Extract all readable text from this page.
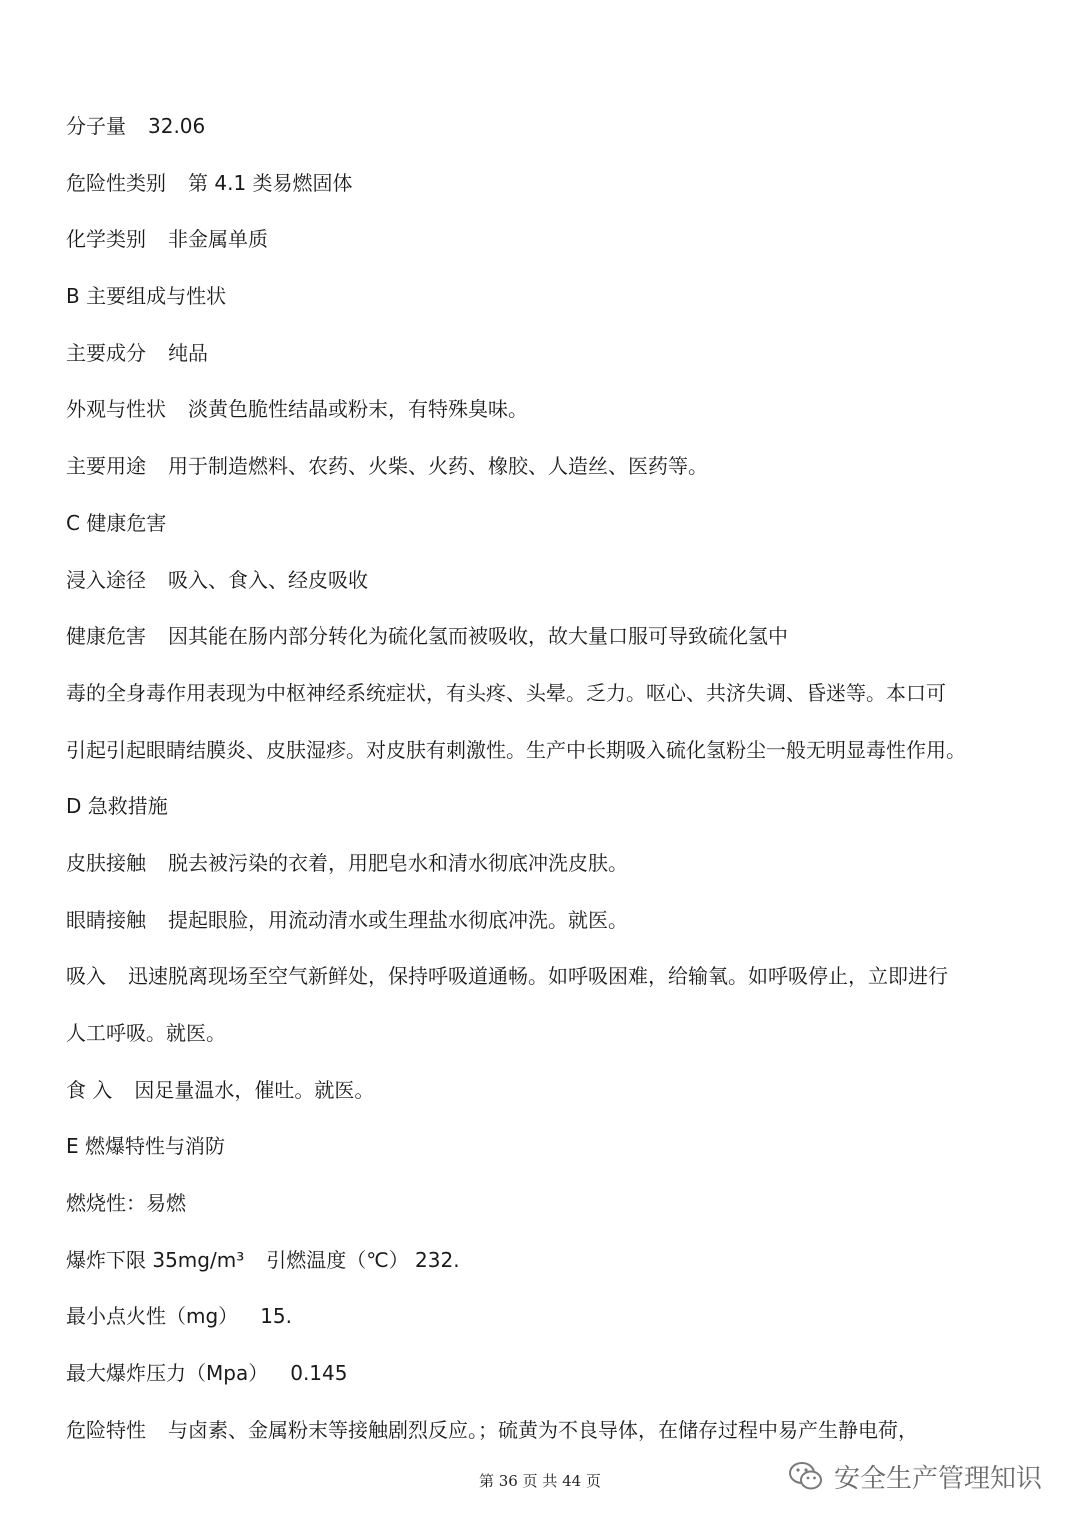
分子量 32.06
危险性类别 第 4.1 类易燃固体
化学类别 非金属单质
B 主要组成与性状
主要成分 纯品
外观与性状 淡黄色脆性结晶或粉末，有特殊臭味。
主要用途 用于制造燃料、农药、火柴、火药、橡胶、人造丝、医药等。
C 健康危害
浸入途径 吸入、食入、经皮吸收
健康危害 因其能在肠内部分转化为硫化氢而被吸收，故大量口服可导致硫化氢中
毒的全身毒作用表现为中枢神经系统症状，有头疼、头晕。乏力。呕心、共济失调、昏迷等。本口可
引起引起眼睛结膜炎、皮肤湿疹。对皮肤有刺激性。生产中长期吸入硫化氢粉尘一般无明显毒性作用。
D 急救措施
皮肤接触 脱去被污染的衣着，用肥皂水和清水彻底冲洗皮肤。
眼睛接触 提起眼脸，用流动清水或生理盐水彻底冲洗。就医。
吸入 迅速脱离现场至空气新鲜处，保持呼吸道通畅。如呼吸困难，给输氧。如呼吸停止，立即进行
人工呼吸。就医。
食 入 因足量温水，催吐。就医。
E 燃爆特性与消防
燃烧性：易燃
爆炸下限 35mg/m³ 引燃温度（℃） 232.
最小点火性（mg） 15.
最大爆炸压力（Mpa） 0.145
危险特性 与卤素、金属粉末等接触剧烈反应。；硫黄为不良导体，在储存过程中易产生静电荷，
第 36 页 共 44 页	安全生产管理知识
